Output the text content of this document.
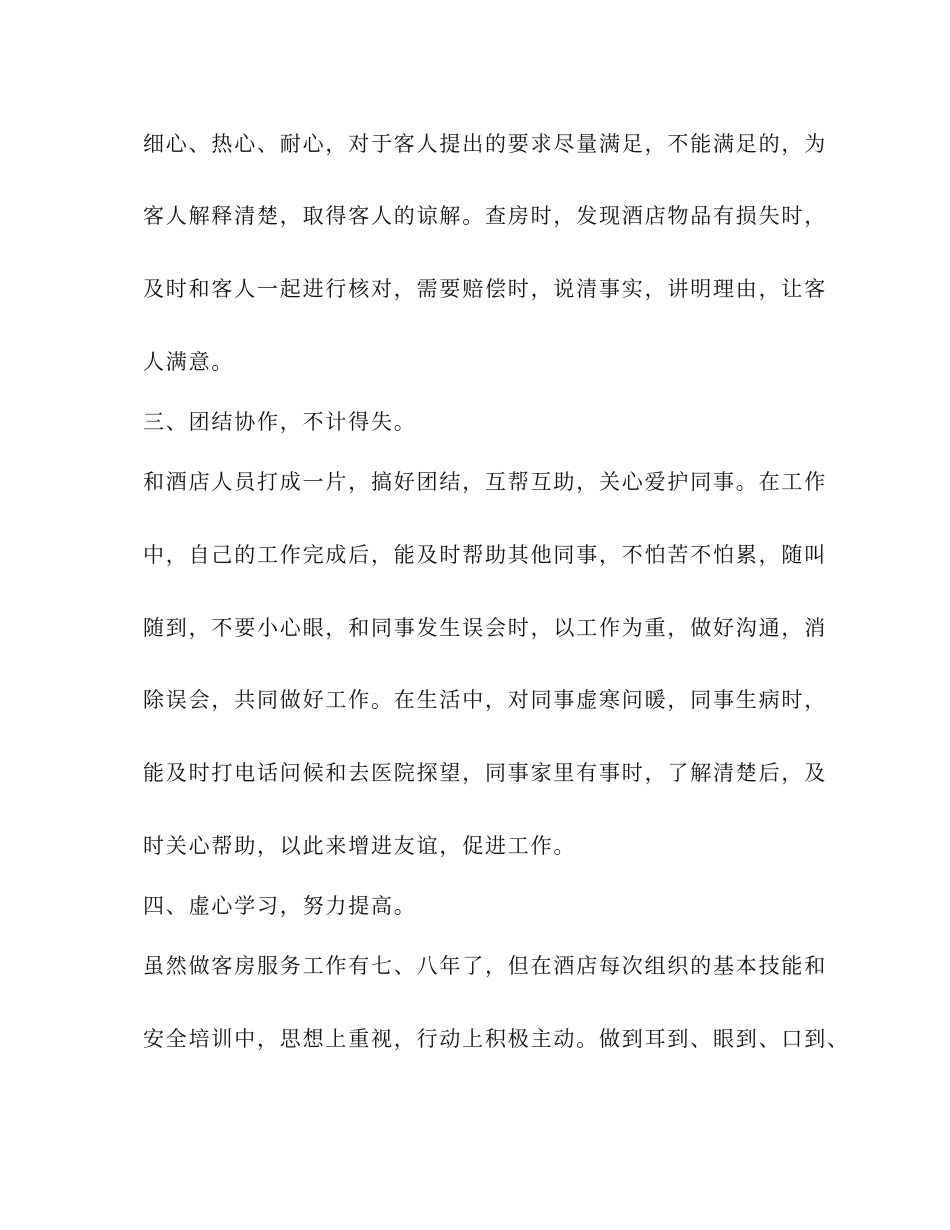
细心、热心、耐心，对于客人提出的要求尽量满足，不能满足的，为

客人解释清楚，取得客人的谅解。查房时，发现酒店物品有损失时，

及时和客人一起进行核对，需要赔偿时，说清事实，讲明理由，让客

人满意。

三、团结协作，不计得失。

和酒店人员打成一片，搞好团结，互帮互助，关心爱护同事。在工作

中，自己的工作完成后，能及时帮助其他同事，不怕苦不怕累，随叫

随到，不要小心眼，和同事发生误会时，以工作为重，做好沟通，消

除误会，共同做好工作。在生活中，对同事虚寒问暖，同事生病时，

能及时打电话问候和去医院探望，同事家里有事时，了解清楚后，及

时关心帮助，以此来增进友谊，促进工作。

四、虚心学习，努力提高。

虽然做客房服务工作有七、八年了，但在酒店每次组织的基本技能和

安全培训中，思想上重视，行动上积极主动。做到耳到、眼到、口到、
